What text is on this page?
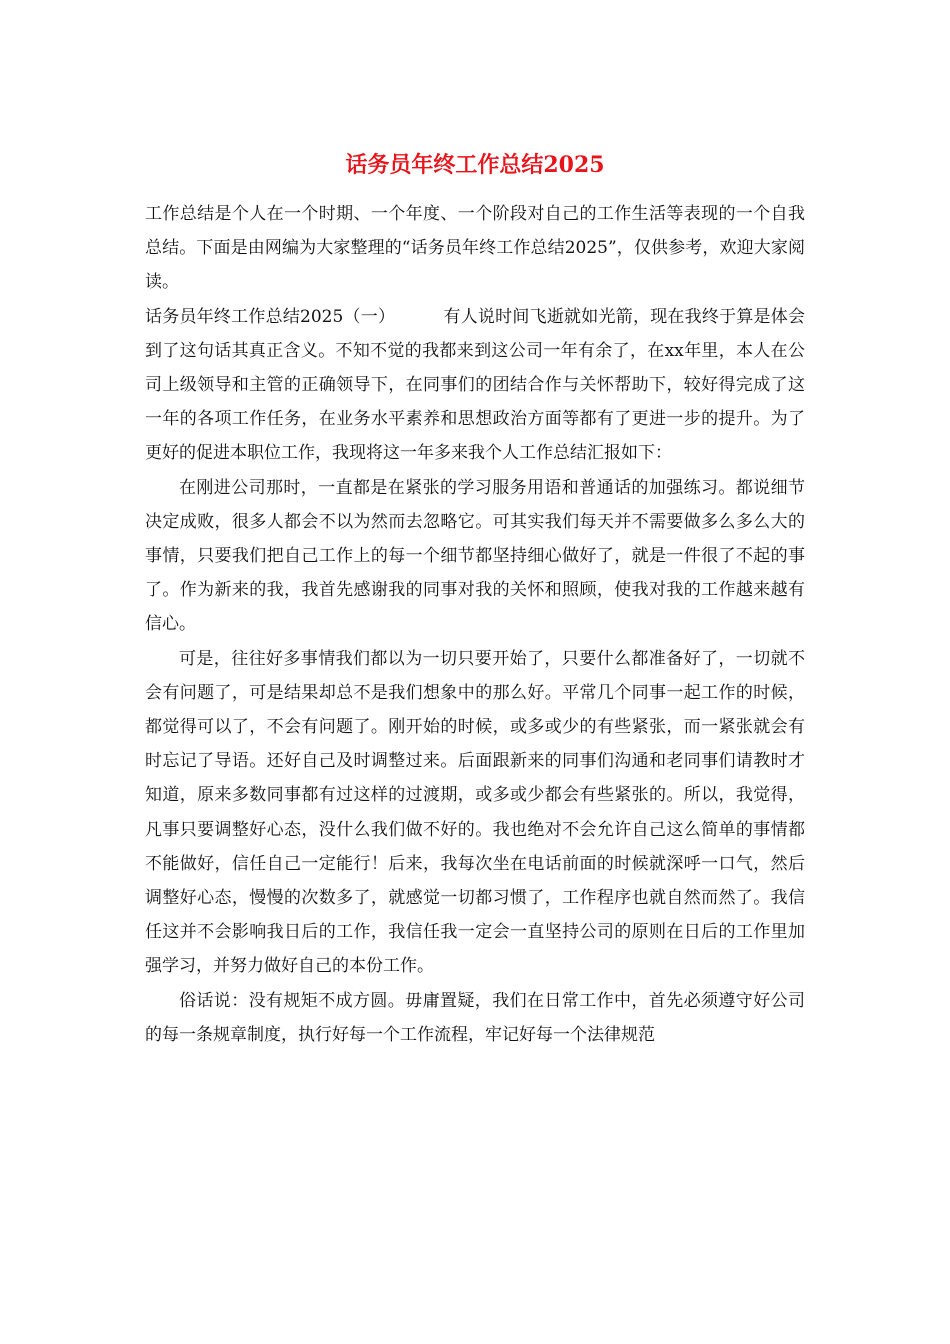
话务员年终工作总结2025

工作总结是个人在一个时期、一个年度、一个阶段对自己的工作生活等表现的一个自我总结。下面是由网编为大家整理的“话务员年终工作总结2025”，仅供参考，欢迎大家阅读。

话务员年终工作总结2025（一）	有人说时间飞逝就如光箭，现在我终于算是体会到了这句话其真正含义。不知不觉的我都来到这公司一年有余了，在xx年里，本人在公司上级领导和主管的正确领导下，在同事们的团结合作与关怀帮助下，较好得完成了这一年的各项工作任务，在业务水平素养和思想政治方面等都有了更进一步的提升。为了更好的促进本职位工作，我现将这一年多来我个人工作总结汇报如下：

在刚进公司那时，一直都是在紧张的学习服务用语和普通话的加强练习。都说细节决定成败，很多人都会不以为然而去忽略它。可其实我们每天并不需要做多么多么大的事情，只要我们把自己工作上的每一个细节都坚持细心做好了，就是一件很了不起的事了。作为新来的我，我首先感谢我的同事对我的关怀和照顾，使我对我的工作越来越有信心。

可是，往往好多事情我们都以为一切只要开始了，只要什么都准备好了，一切就不会有问题了，可是结果却总不是我们想象中的那么好。平常几个同事一起工作的时候，都觉得可以了，不会有问题了。刚开始的时候，或多或少的有些紧张，而一紧张就会有时忘记了导语。还好自己及时调整过来。后面跟新来的同事们沟通和老同事们请教时才知道，原来多数同事都有过这样的过渡期，或多或少都会有些紧张的。所以，我觉得，凡事只要调整好心态，没什么我们做不好的。我也绝对不会允许自己这么简单的事情都不能做好，信任自己一定能行！后来，我每次坐在电话前面的时候就深呼一口气，然后调整好心态，慢慢的次数多了，就感觉一切都习惯了，工作程序也就自然而然了。我信任这并不会影响我日后的工作，我信任我一定会一直坚持公司的原则在日后的工作里加强学习，并努力做好自己的本份工作。

俗话说：没有规矩不成方圆。毋庸置疑，我们在日常工作中，首先必须遵守好公司的每一条规章制度，执行好每一个工作流程，牢记好每一个法律规范
